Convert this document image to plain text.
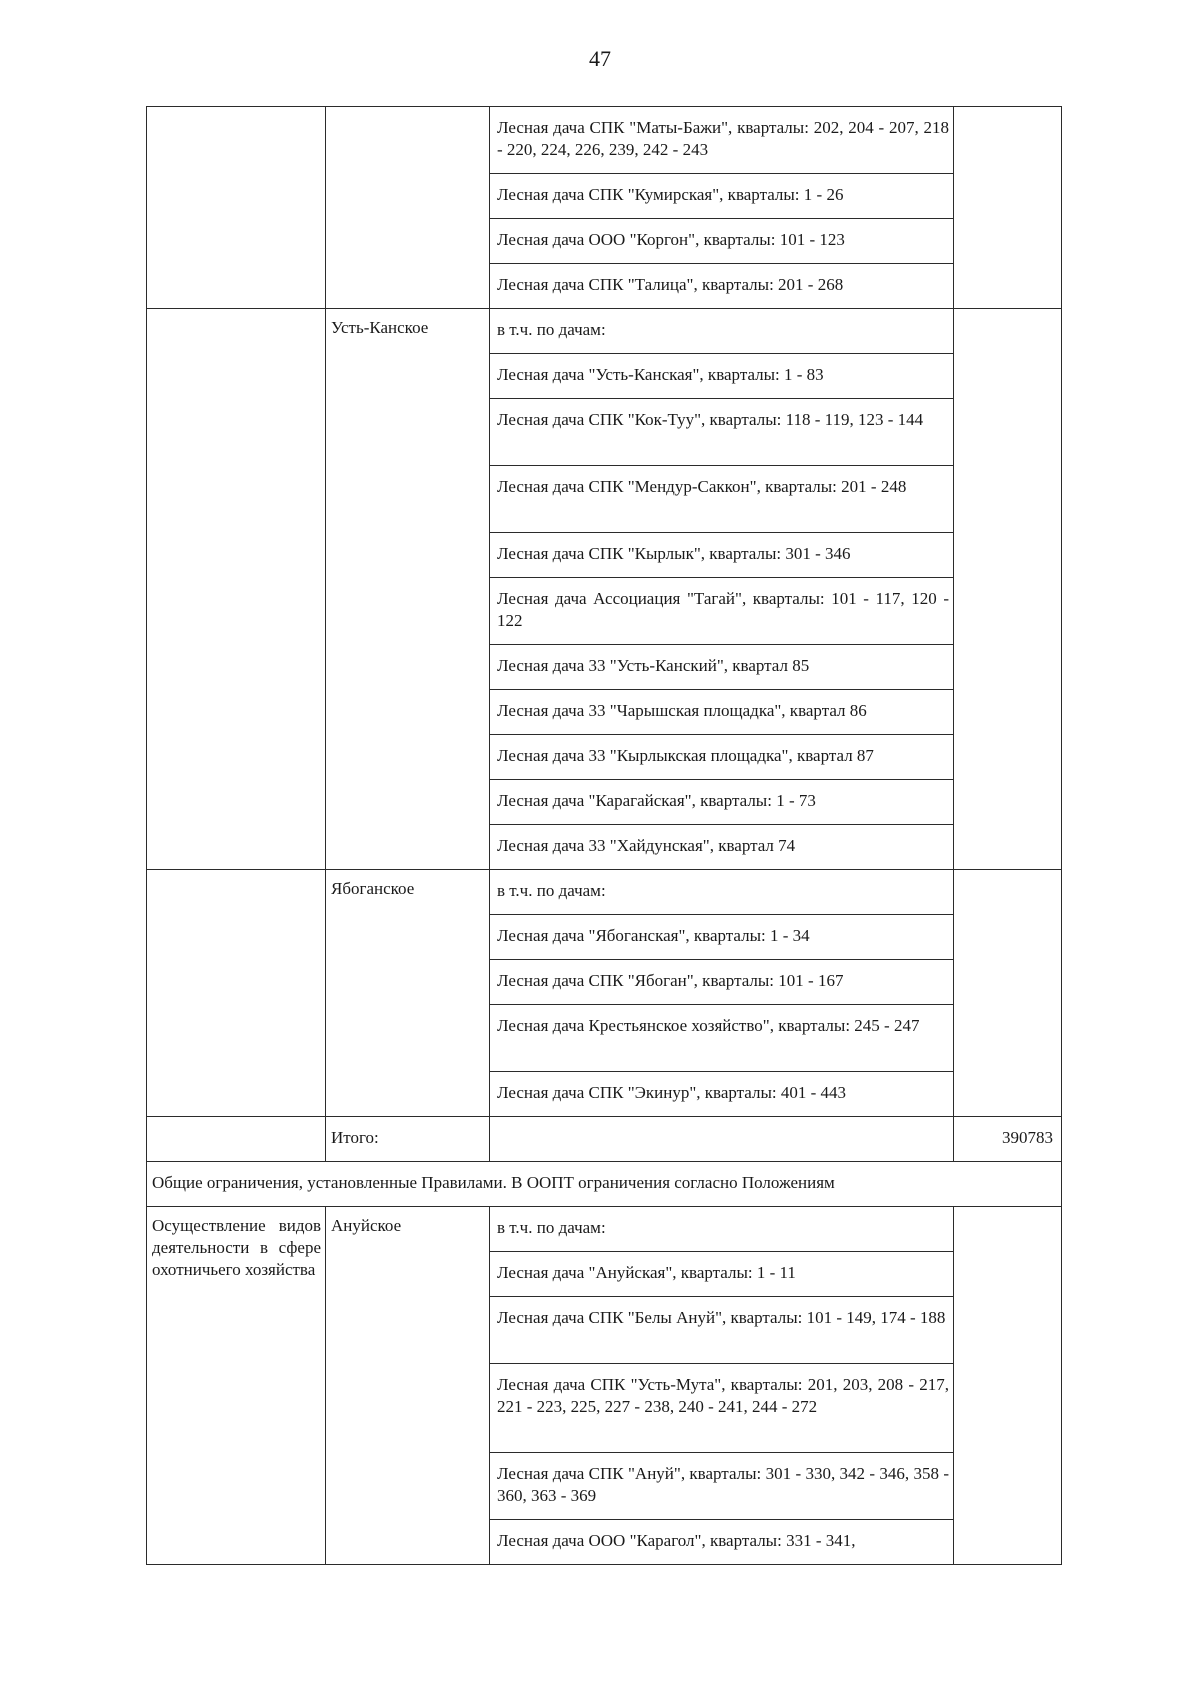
47

		Лесная дача СПК "Маты-Бажи", кварталы: 202, 204 - 207, 218 - 220, 224, 226, 239, 242 - 243	

		Лесная дача СПК "Кумирская", кварталы: 1 - 26	

		Лесная дача ООО "Коргон", кварталы: 101 - 123	

		Лесная дача СПК "Талица", кварталы: 201 - 268	

	Усть-Канское	в т.ч. по дачам:	

		Лесная дача "Усть-Канская", кварталы: 1 - 83	

		Лесная дача СПК "Кок-Туу", кварталы: 118 - 119, 123 - 144	

		Лесная дача СПК "Мендур-Саккон", кварталы: 201 - 248	

		Лесная дача СПК "Кырлык", кварталы: 301 - 346	

		Лесная дача Ассоциация "Тагай", кварталы: 101 - 117, 120 - 122	

		Лесная дача 33 "Усть-Канский", квартал 85	

		Лесная дача 33 "Чарышская площадка", квартал 86	

		Лесная дача 33 "Кырлыкская площадка", квартал 87	

		Лесная дача "Карагайская", кварталы: 1 - 73	

		Лесная дача 33 "Хайдунская", квартал 74	

	Ябоганское	в т.ч. по дачам:	

		Лесная дача "Ябоганская", кварталы: 1 - 34	

		Лесная дача СПК "Ябоган", кварталы: 101 - 167	

		Лесная дача Крестьянское хозяйство", кварталы: 245 - 247	

		Лесная дача СПК "Экинур", кварталы: 401 - 443	

	Итого:		390783

Общие ограничения, установленные Правилами. В ООПТ ограничения согласно Положениям			

Осуществление видов деятельности в сфере охотничьего хозяйства	Ануйское	в т.ч. по дачам:	

		Лесная дача "Ануйская", кварталы: 1 - 11	

		Лесная дача СПК "Белы Ануй", кварталы: 101 - 149, 174 - 188	

		Лесная дача СПК "Усть-Мута", кварталы: 201, 203, 208 - 217, 221 - 223, 225, 227 - 238, 240 - 241, 244 - 272	

		Лесная дача СПК "Ануй", кварталы: 301 - 330, 342 - 346, 358 - 360, 363 - 369	

		Лесная дача ООО "Карагол", кварталы: 331 - 341,	
